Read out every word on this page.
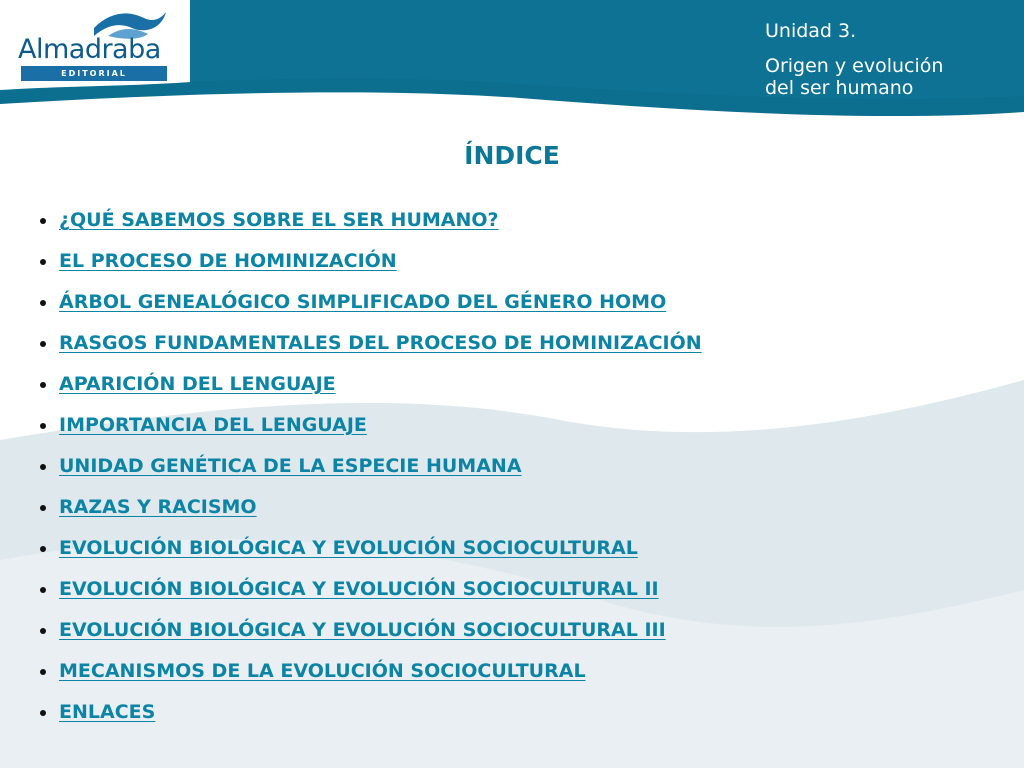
Almadraba
EDITORIAL
Unidad 3.
Origen y evolución
del ser humano
ÍNDICE
¿QUÉ SABEMOS SOBRE EL SER HUMANO?
EL PROCESO DE HOMINIZACIÓN
ÁRBOL GENEALÓGICO SIMPLIFICADO DEL GÉNERO HOMO
RASGOS FUNDAMENTALES DEL PROCESO DE HOMINIZACIÓN
APARICIÓN DEL LENGUAJE
IMPORTANCIA DEL LENGUAJE
UNIDAD GENÉTICA DE LA ESPECIE HUMANA
RAZAS Y RACISMO
EVOLUCIÓN BIOLÓGICA Y EVOLUCIÓN SOCIOCULTURAL
EVOLUCIÓN BIOLÓGICA Y EVOLUCIÓN SOCIOCULTURAL II
EVOLUCIÓN BIOLÓGICA Y EVOLUCIÓN SOCIOCULTURAL III
MECANISMOS DE LA EVOLUCIÓN SOCIOCULTURAL
ENLACES
